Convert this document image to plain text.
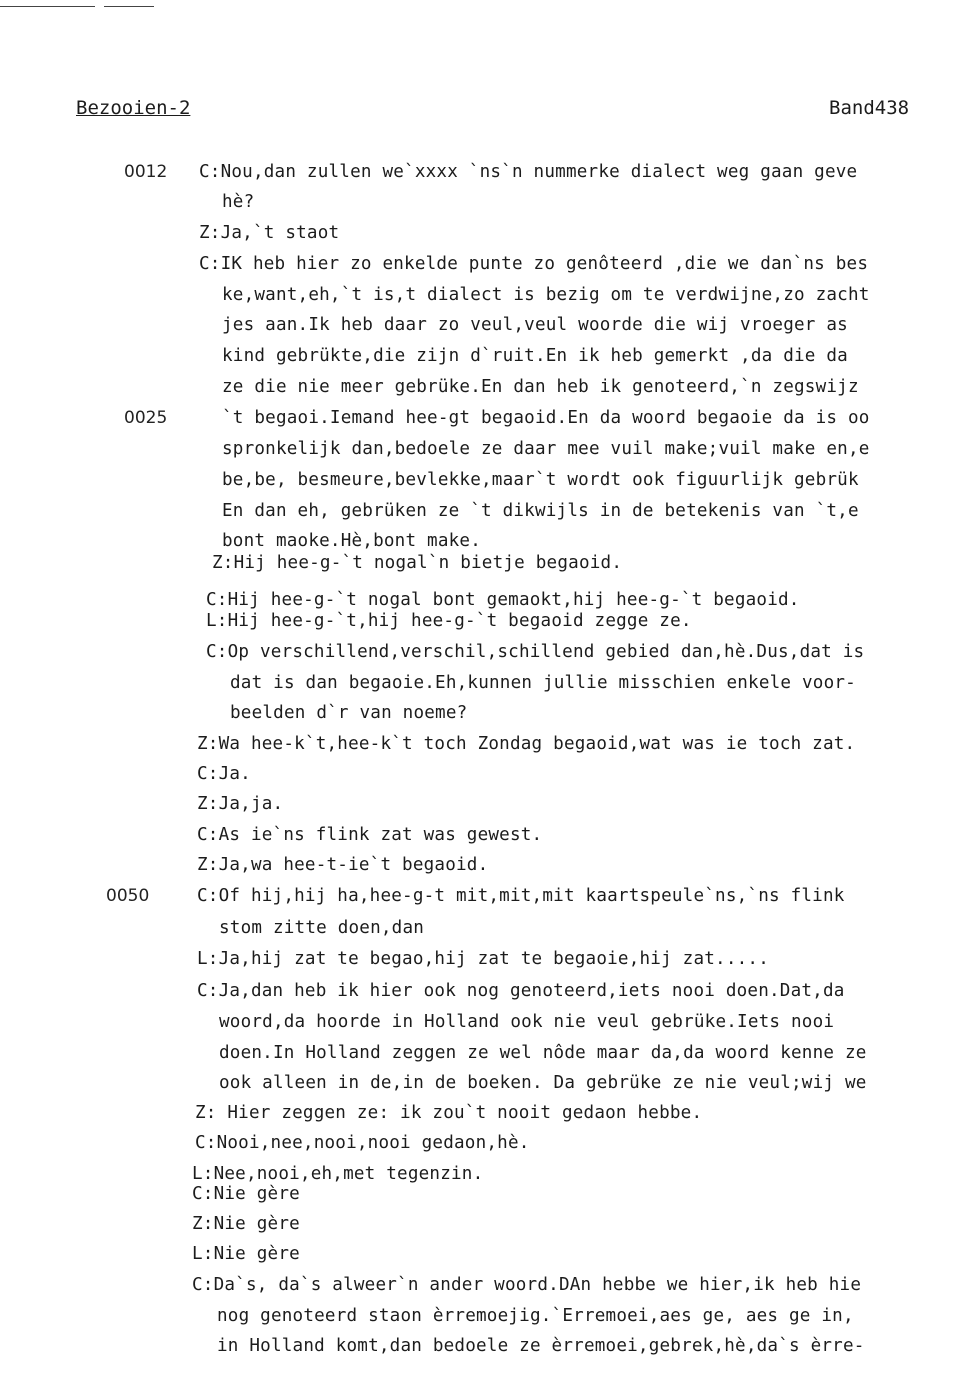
Bezooien-2	Band438
0012
0025
0050
C:Nou,dan zullen we`xxxx `ns`n nummerke dialect weg gaan geve
hè?
Z:Ja,`t staot
C:IK heb hier zo enkelde punte zo genôteerd ,die we dan`ns bes
ke,want,eh,`t is,t dialect is bezig om te verdwijne,zo zacht
jes aan.Ik heb daar zo veul,veul woorde die wij vroeger as
kind gebrükte,die zijn d`ruit.En ik heb gemerkt ,da die da
ze die nie meer gebrüke.En dan heb ik genoteerd,`n zegswijz
`t begaoi.Iemand hee-gt begaoid.En da woord begaoie da is oo
spronkelijk dan,bedoele ze daar mee vuil make;vuil make en,e
be,be, besmeure,bevlekke,maar`t wordt ook figuurlijk gebrük
En dan eh, gebrüken ze `t dikwijls in de betekenis van `t,e
bont maoke.Hè,bont make.
Z:Hij hee-g-`t nogal`n bietje begaoid.
C:Hij hee-g-`t nogal bont gemaokt,hij hee-g-`t begaoid.
L:Hij hee-g-`t,hij hee-g-`t begaoid zegge ze.
C:Op verschillend,verschil,schillend gebied dan,hè.Dus,dat is
dat is dan begaoie.Eh,kunnen jullie misschien enkele voor-
beelden d`r van noeme?
Z:Wa hee-k`t,hee-k`t toch Zondag begaoid,wat was ie toch zat.
C:Ja.
Z:Ja,ja.
C:As ie`ns flink zat was gewest.
Z:Ja,wa hee-t-ie`t begaoid.
C:Of hij,hij ha,hee-g-t mit,mit,mit kaartspeule`ns,`ns flink
stom zitte doen,dan
L:Ja,hij zat te begao,hij zat te begaoie,hij zat.....
C:Ja,dan heb ik hier ook nog genoteerd,iets nooi doen.Dat,da
woord,da hoorde in Holland ook nie veul gebrüke.Iets nooi
doen.In Holland zeggen ze wel nôde maar da,da woord kenne ze
ook alleen in de,in de boeken. Da gebrüke ze nie veul;wij we
Z: Hier zeggen ze: ik zou`t nooit gedaon hebbe.
C:Nooi,nee,nooi,nooi gedaon,hè.
L:Nee,nooi,eh,met tegenzin.
C:Nie gère
Z:Nie gère
L:Nie gère
C:Da`s, da`s alweer`n ander woord.DAn hebbe we hier,ik heb hie
nog genoteerd staon èrremoejig.`Erremoei,aes ge, aes ge in,
in Holland komt,dan bedoele ze èrremoei,gebrek,hè,da`s èrre-
